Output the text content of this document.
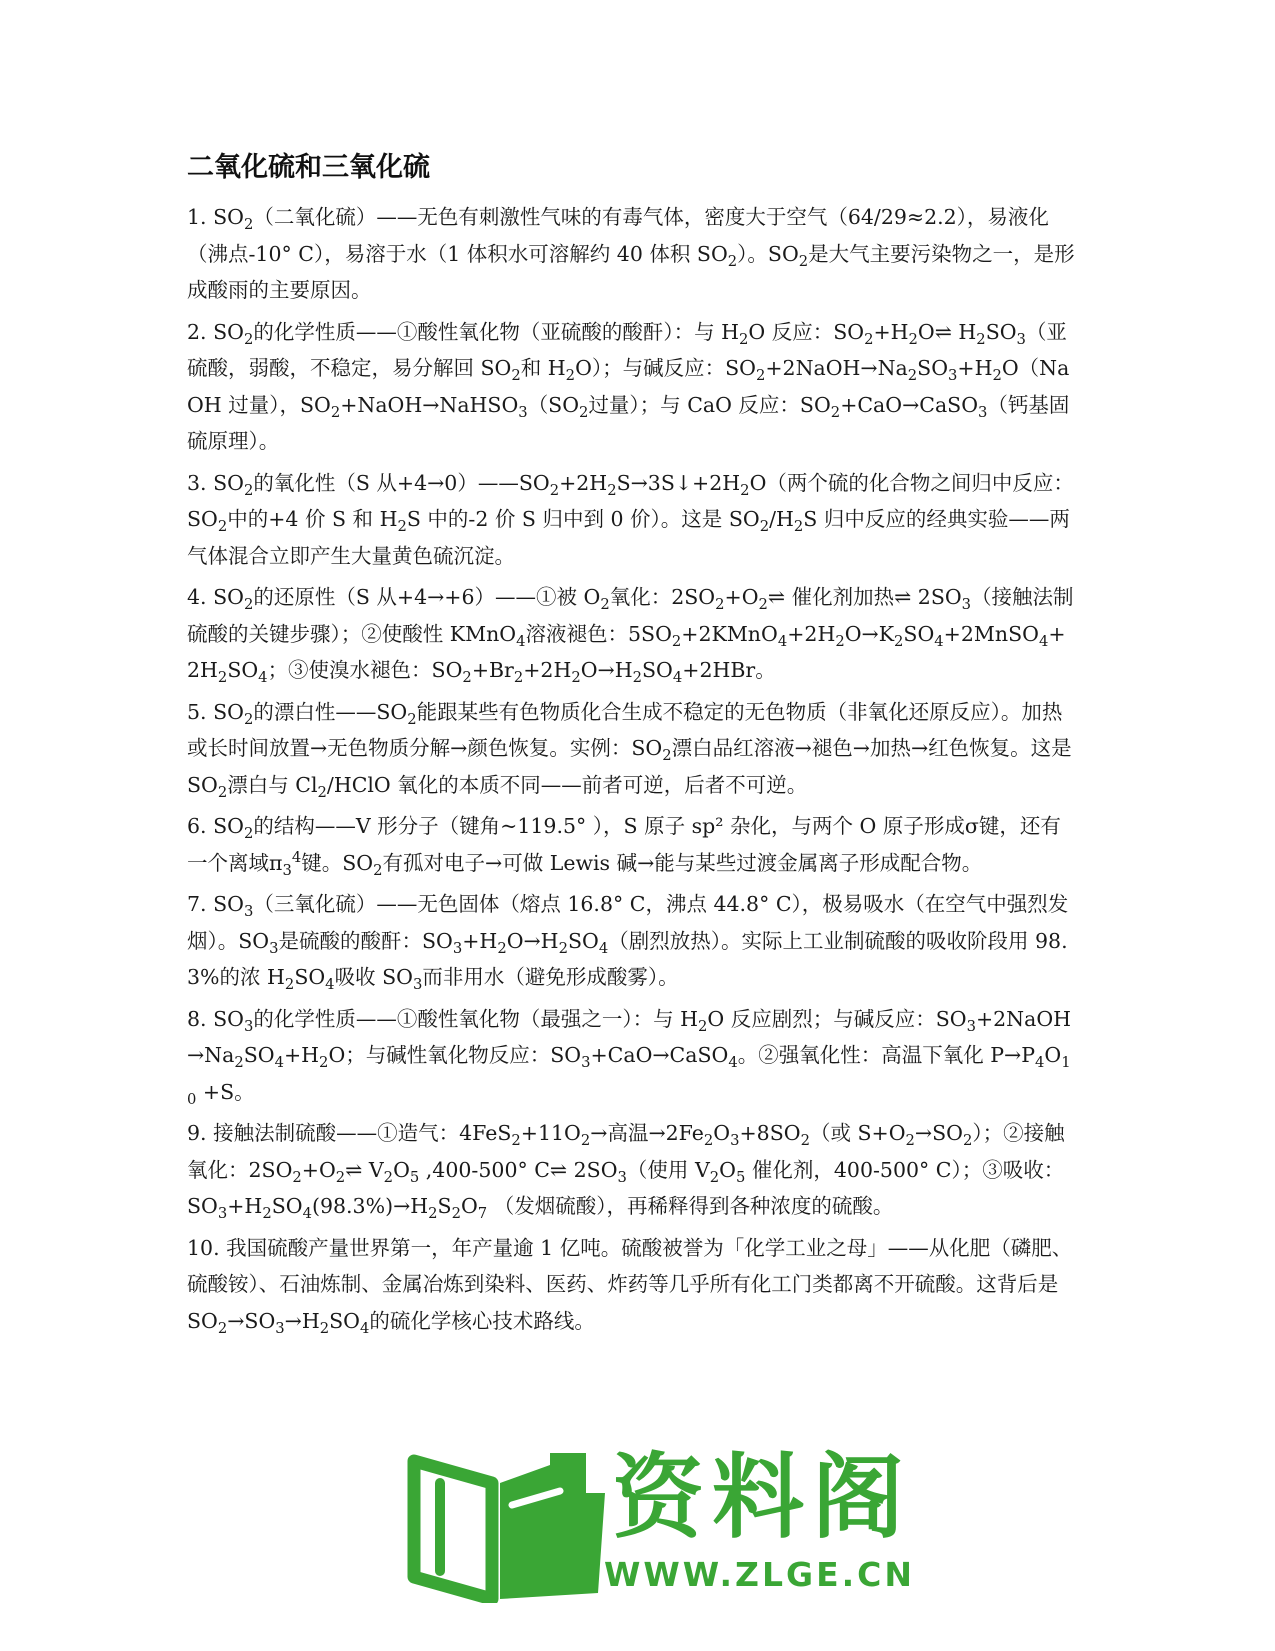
二氧化硫和三氧化硫

1. $SO_2$（二氧化硫）——无色有刺激性气味的有毒气体，密度大于空气（64/29≈2.2），易液化（沸点-10° C），易溶于水（1 体积水可溶解约 40 体积 $SO_2$）。$SO_2$是大气主要污染物之一，是形成酸雨的主要原因。

2. $SO_2$的化学性质——①酸性氧化物（亚硫酸的酸酐）：与 $H_2O$ 反应：$SO_2+H_2O\rightleftharpoons$ $H_2SO_3$（亚硫酸，弱酸，不稳定，易分解回 $SO_2$和 $H_2O$）；与碱反应：$SO_2+2NaOH\to Na_2SO_3+H_2O(NaOH$ 过量），$SO_2+NaOH\to NaHSO_3(SO_2$过量）；与 CaO 反应：$SO_2+CaO\to CaSO_3$（钙基固硫原理）。

3. $SO_2$的氧化性（S 从$+4\to 0)——SO_2+2H_2S\to 3S↓+2H_2O$（两个硫的化合物之间归中反应：$SO_2$中的+4 价 S 和 $H_2S$ 中的-2 价 S 归中到 0 价）。这是 $SO_2/H_2S$ 归中反应的经典实验——两气体混合立即产生大量黄色硫沉淀。

4. $SO_2$的还原性（S 从+4→+6）——①被 $O_2$氧化：$2SO_2+O_2\rightleftharpoons$ 催化剂加热⇌ $2SO_3$（接触法制硫酸的关键步骤）；②使酸性 KMnO$_4$溶液褪色：$5SO_2+2KMnO_4+2H_2O\to K_2SO_4+2MnSO_4+2H_2SO_4$；③使溴水褪色：$SO_2+Br_2+2H_2O\to H_2SO_4+2HBr$。

5. $SO_2$的漂白性$——SO_2$能跟某些有色物质化合生成不稳定的无色物质（非氧化还原反应）。加热或长时间放置→无色物质分解→颜色恢复。实例：$SO_2$漂白品红溶液→褪色→加热→红色恢复。这是 $SO_2$漂白与 $Cl_2$/HClO 氧化的本质不同——前者可逆，后者不可逆。

6. $SO_2$的结构——V 形分子（键角~119.5° ），S 原子 sp² 杂化，与两个 O 原子形成σ键，还有一个离域$\pi_3^4$键。$SO_2$有孤对电子→可做 Lewis 碱→能与某些过渡金属离子形成配合物。

7. $SO_3$（三氧化硫）——无色固体（熔点 16.8° C，沸点 44.8° C），极易吸水（在空气中强烈发烟）。$SO_3$是硫酸的酸酐：$SO_3+H_2O\to H_2SO_4$（剧烈放热）。实际上工业制硫酸的吸收阶段用 98.3%的浓 $H_2SO_4$吸收 $SO_3$而非用水（避免形成酸雾）。

8. $SO_3$的化学性质——①酸性氧化物（最强之一）：与 $H_2O$ 反应剧烈；与碱反应：$SO_3+2NaOH\to Na_2SO_4+H_2O$；与碱性氧化物反应：$SO_3+CaO\to CaSO_4$。②强氧化性：高温下氧化 $P\to P_4O_{10} +S$。

9. 接触法制硫酸——①造气：$4FeS_2+11O_2\to$高温$\to 2Fe_2O_3+8SO_2$（或 $S+O_2\to SO_2$）；②接触氧化：$2SO_2+O_2\rightleftharpoons$ $V_2O_5$ ,400-500° C⇌ $2SO_3$（使用 $V_2O_5$ 催化剂，400-500° C）；③吸收：$SO_3+H_2SO_4(98.3\%)\to H_2S_2O_7$ （发烟硫酸），再稀释得到各种浓度的硫酸。

10. 我国硫酸产量世界第一，年产量逾 1 亿吨。硫酸被誉为「化学工业之母」——从化肥（磷肥、硫酸铵）、石油炼制、金属冶炼到染料、医药、炸药等几乎所有化工门类都离不开硫酸。这背后是 $SO_2\to SO_3\to H_2SO_4$的硫化学核心技术路线。

资料阁
WWW.ZLGE.CN
